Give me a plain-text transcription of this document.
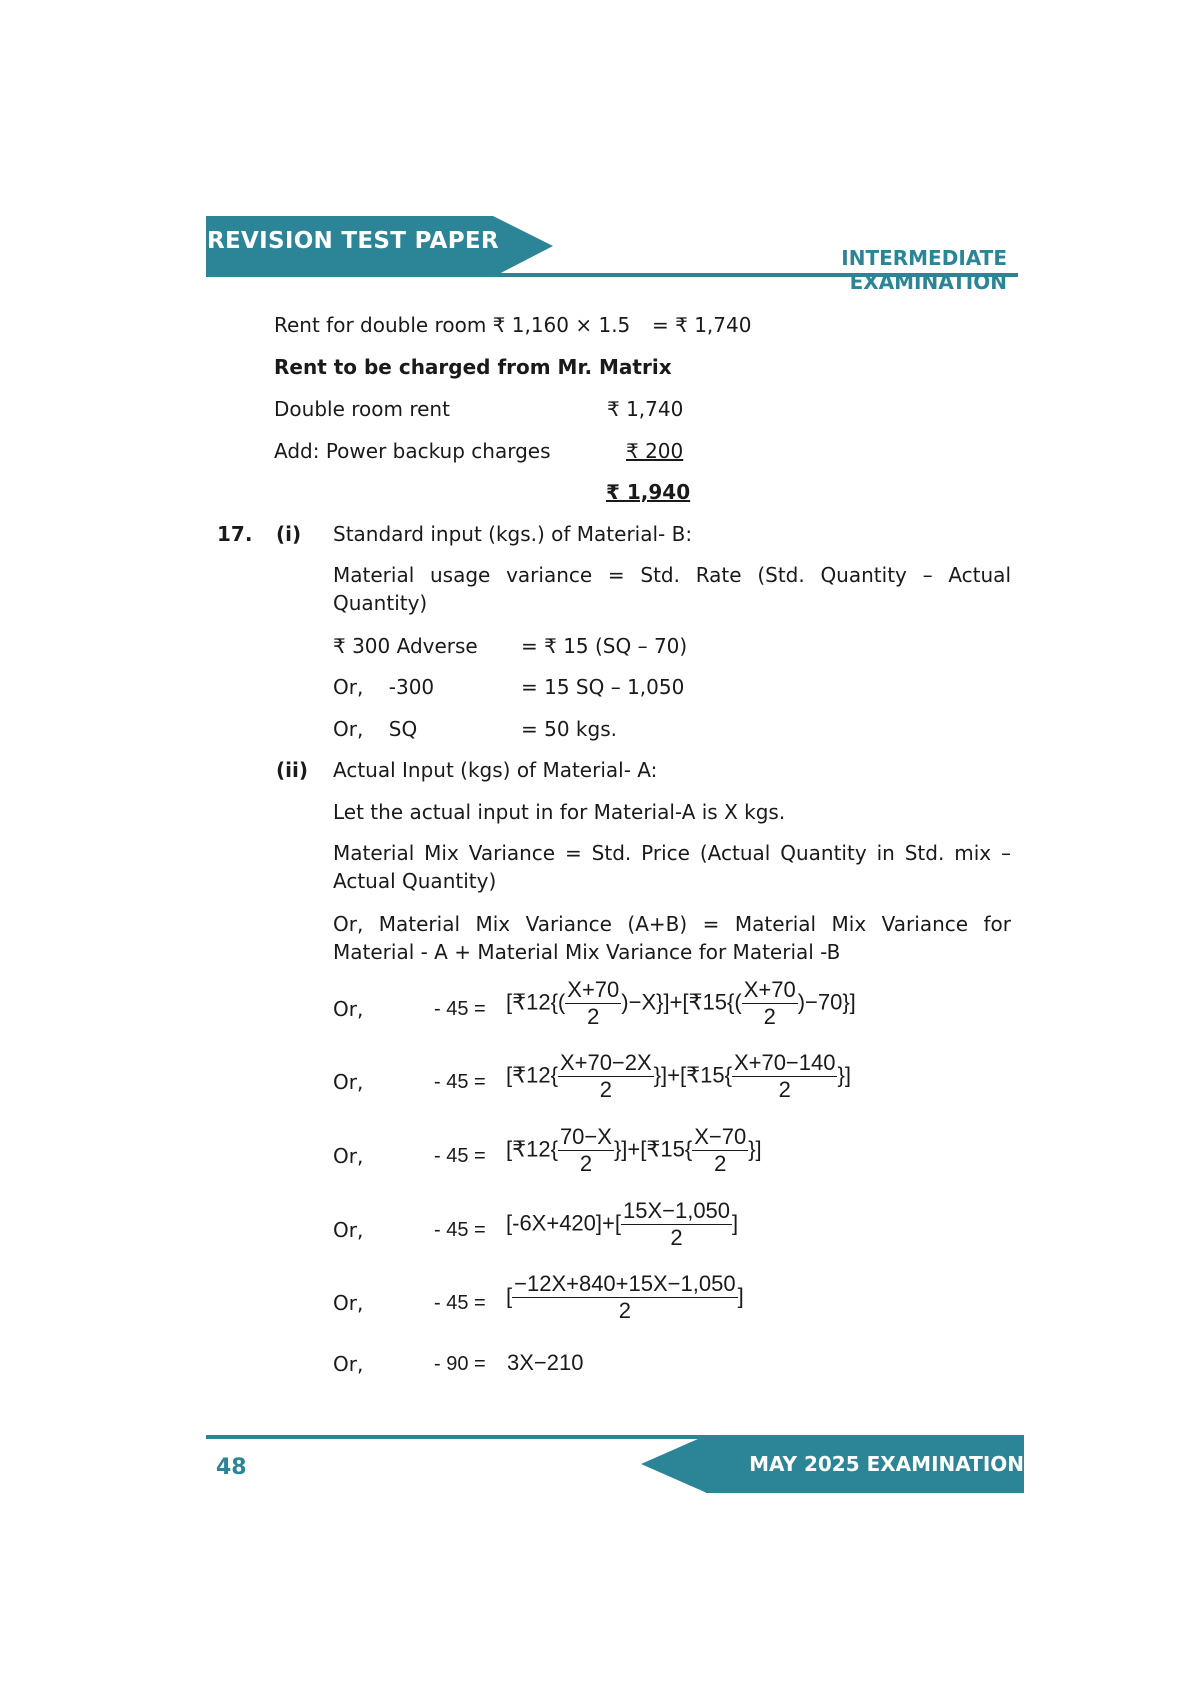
REVISION TEST PAPER
INTERMEDIATE EXAMINATION
Rent for double room ₹ 1,160 × 1.5 = ₹ 1,740
Rent to be charged from Mr. Matrix
Double room rent	₹ 1,740
Add: Power backup charges	₹ 200
₹ 1,940
17. (i) Standard input (kgs.) of Material- B:
Material usage variance = Std. Rate (Std. Quantity – Actual Quantity)
₹ 300 Adverse = ₹ 15 (SQ – 70)
Or,    -300	= 15 SQ – 1,050
Or,    SQ	= 50 kgs.
(ii) Actual Input (kgs) of Material- A:
Let the actual input in for Material-A is X kgs.
Material Mix Variance = Std. Price (Actual Quantity in Std. mix – Actual Quantity)
Or, Material Mix Variance (A+B) = Material Mix Variance for Material - A + Material Mix Variance for Material -B
Or,	- 45 = [₹12{( $\frac{X+70}{2}$ )−X}]+[₹15{( $\frac{X+70}{2} )-70$}]
Or,	- 45 = [₹12{ $\frac{X+70-2X}{2}$ }]+[₹15{ $\frac{X+70-140}{2}$ }]
Or,	- 45 = [₹12{ $\frac{70-X}{2}$ }]+[₹15{ $\frac{X-70}{2}$ }]
Or,	- $45 = [-6X+420]+[ \frac{15X-1,050}{2}$ ]
Or,	- 45 = [ $\frac{-12X+840+15X-1,050}{2}$ ]
Or,	- 90 = 3X−210
MAY 2025 EXAMINATION
48
